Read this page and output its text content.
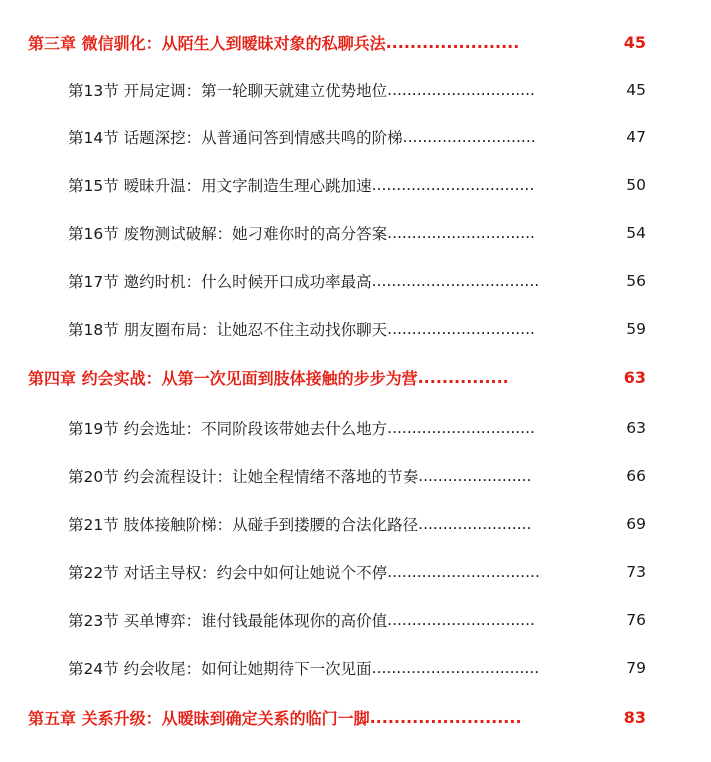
第三章 微信驯化：从陌生人到暧昧对象的私聊兵法 ......................	45
第13节 开局定调：第一轮聊天就建立优势地位 ..............................	45
第14节 话题深挖：从普通问答到情感共鸣的阶梯 ...........................	47
第15节 暧昧升温：用文字制造生理心跳加速 .................................	50
第16节 废物测试破解：她刁难你时的高分答案 ..............................	54
第17节 邀约时机：什么时候开口成功率最高 ..................................	56
第18节 朋友圈布局：让她忍不住主动找你聊天 ..............................	59
第四章 约会实战：从第一次见面到肢体接触的步步为营 ...............	63
第19节 约会选址：不同阶段该带她去什么地方 ..............................	63
第20节 约会流程设计：让她全程情绪不落地的节奏 .......................	66
第21节 肢体接触阶梯：从碰手到搂腰的合法化路径 .......................	69
第22节 对话主导权：约会中如何让她说个不停 ...............................	73
第23节 买单博弈：谁付钱最能体现你的高价值 ..............................	76
第24节 约会收尾：如何让她期待下一次见面 ..................................	79
第五章 关系升级：从暧昧到确定关系的临门一脚 .........................	83
